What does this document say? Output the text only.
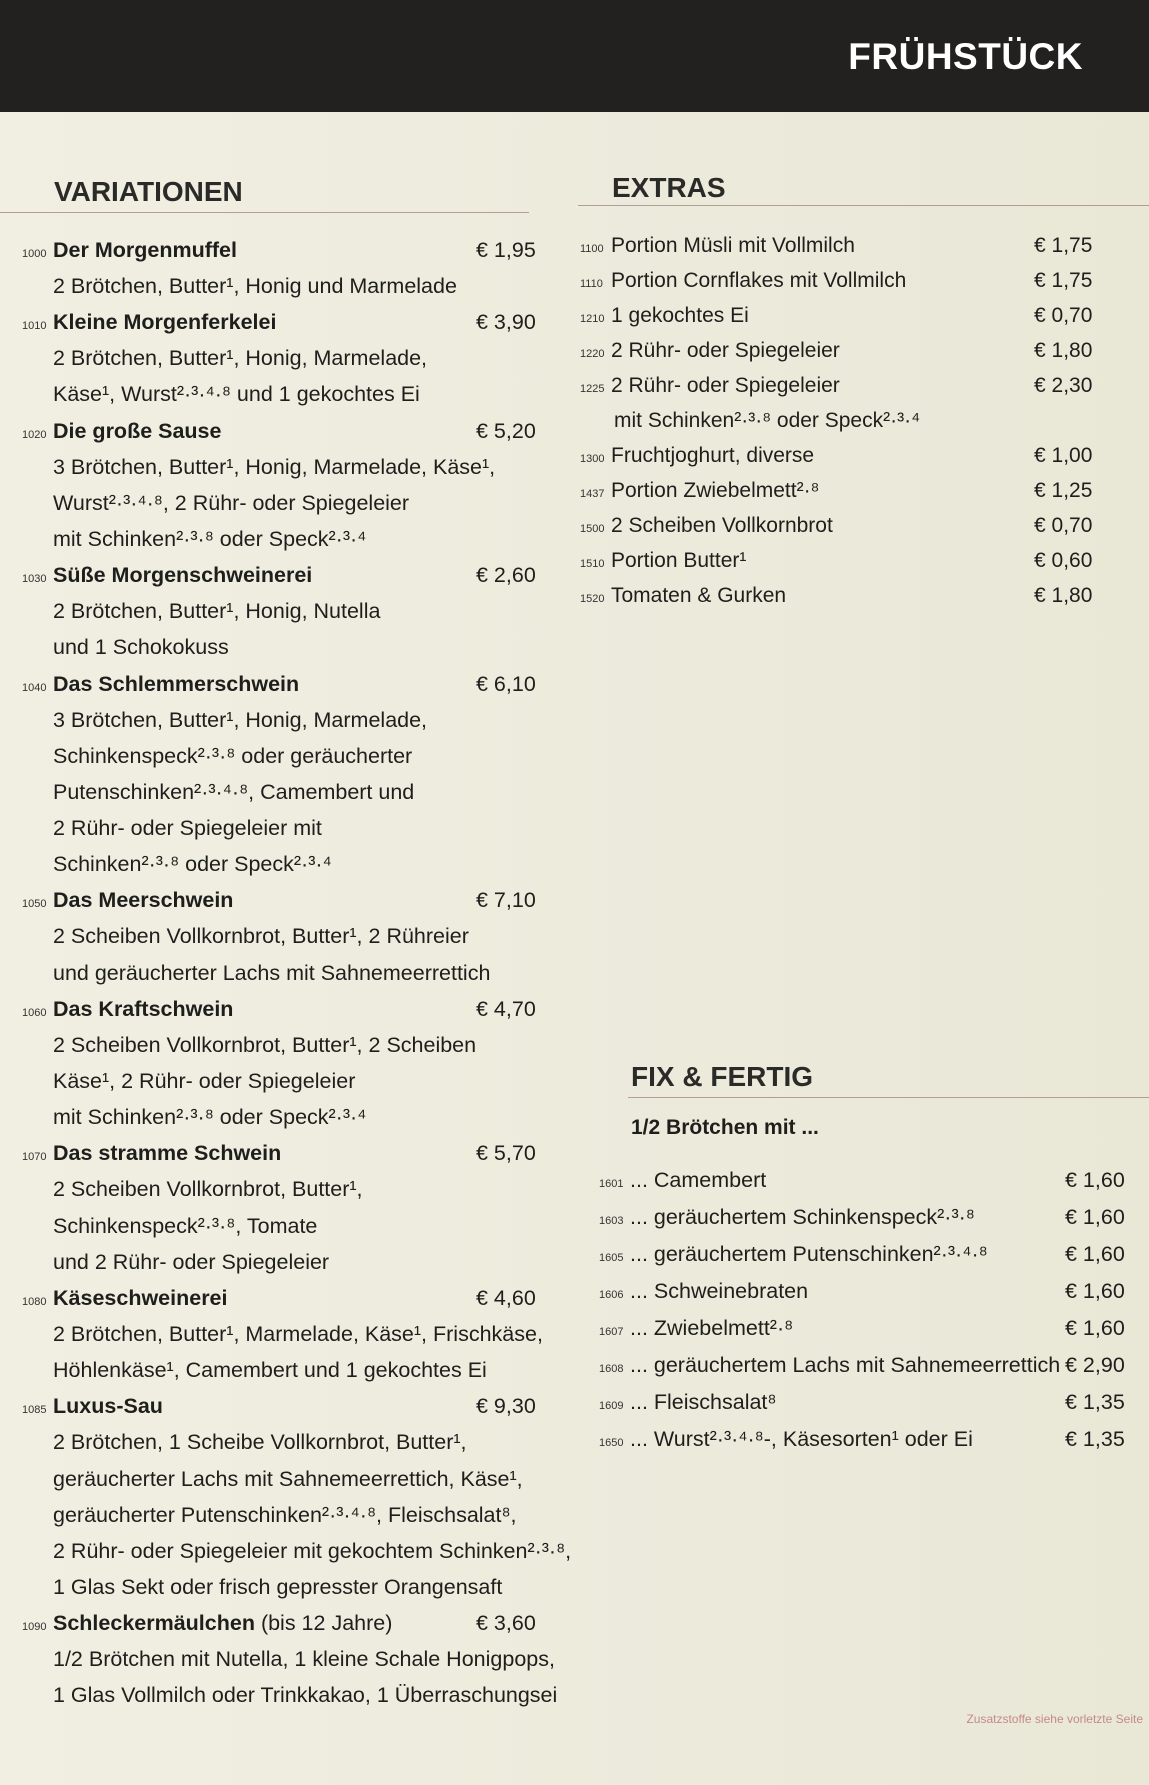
FRÜHSTÜCK
VARIATIONEN
1000 Der Morgenmuffel	€ 1,95
2 Brötchen, Butter¹, Honig und Marmelade
1010 Kleine Morgenferkelei	€ 3,90
2 Brötchen, Butter¹, Honig, Marmelade,
Käse¹, Wurst²·³·⁴·⁸ und 1 gekochtes Ei
1020 Die große Sause	€ 5,20
3 Brötchen, Butter¹, Honig, Marmelade, Käse¹,
Wurst²·³·⁴·⁸, 2 Rühr- oder Spiegeleier
mit Schinken²·³·⁸ oder Speck²·³·⁴
1030 Süße Morgenschweinerei	€ 2,60
2 Brötchen, Butter¹, Honig, Nutella
und 1 Schokokuss
1040 Das Schlemmerschwein	€ 6,10
3 Brötchen, Butter¹, Honig, Marmelade,
Schinkenspeck²·³·⁸ oder geräucherter
Putenschinken²·³·⁴·⁸, Camembert und
2 Rühr- oder Spiegeleier mit
Schinken²·³·⁸ oder Speck²·³·⁴
1050 Das Meerschwein	€ 7,10
2 Scheiben Vollkornbrot, Butter¹, 2 Rühreier
und geräucherter Lachs mit Sahnemeerrettich
1060 Das Kraftschwein	€ 4,70
2 Scheiben Vollkornbrot, Butter¹, 2 Scheiben
Käse¹, 2 Rühr- oder Spiegeleier
mit Schinken²·³·⁸ oder Speck²·³·⁴
1070 Das stramme Schwein	€ 5,70
2 Scheiben Vollkornbrot, Butter¹,
Schinkenspeck²·³·⁸, Tomate
und 2 Rühr- oder Spiegeleier
1080 Käseschweinerei	€ 4,60
2 Brötchen, Butter¹, Marmelade, Käse¹, Frischkäse,
Höhlenkäse¹, Camembert und 1 gekochtes Ei
1085 Luxus-Sau	€ 9,30
2 Brötchen, 1 Scheibe Vollkornbrot, Butter¹,
geräucherter Lachs mit Sahnemeerrettich, Käse¹,
geräucherter Putenschinken²·³·⁴·⁸, Fleischsalat⁸,
2 Rühr- oder Spiegeleier mit gekochtem Schinken²·³·⁸,
1 Glas Sekt oder frisch gepresster Orangensaft
1090 Schleckermäulchen (bis 12 Jahre)	€ 3,60
1/2 Brötchen mit Nutella, 1 kleine Schale Honigpops,
1 Glas Vollmilch oder Trinkkakao, 1 Überraschungsei
EXTRAS
1100 Portion Müsli mit Vollmilch	€ 1,75
1110 Portion Cornflakes mit Vollmilch	€ 1,75
1210 1 gekochtes Ei	€ 0,70
1220 2 Rühr- oder Spiegeleier	€ 1,80
1225 2 Rühr- oder Spiegeleier	€ 2,30
mit Schinken²·³·⁸ oder Speck²·³·⁴
1300 Fruchtjoghurt, diverse	€ 1,00
1437 Portion Zwiebelmett²·⁸	€ 1,25
1500 2 Scheiben Vollkornbrot	€ 0,70
1510 Portion Butter¹	€ 0,60
1520 Tomaten & Gurken	€ 1,80
FIX & FERTIG
1/2 Brötchen mit ...
1601 ... Camembert	€ 1,60
1603 ... geräuchertem Schinkenspeck²·³·⁸	€ 1,60
1605 ... geräuchertem Putenschinken²·³·⁴·⁸	€ 1,60
1606 ... Schweinebraten	€ 1,60
1607 ... Zwiebelmett²·⁸	€ 1,60
1608 ... geräuchertem Lachs mit Sahnemeerrettich € 2,90
1609 ... Fleischsalat⁸	€ 1,35
1650 ... Wurst²·³·⁴·⁸-, Käsesorten¹ oder Ei	€ 1,35
Zusatzstoffe siehe vorletzte Seite
